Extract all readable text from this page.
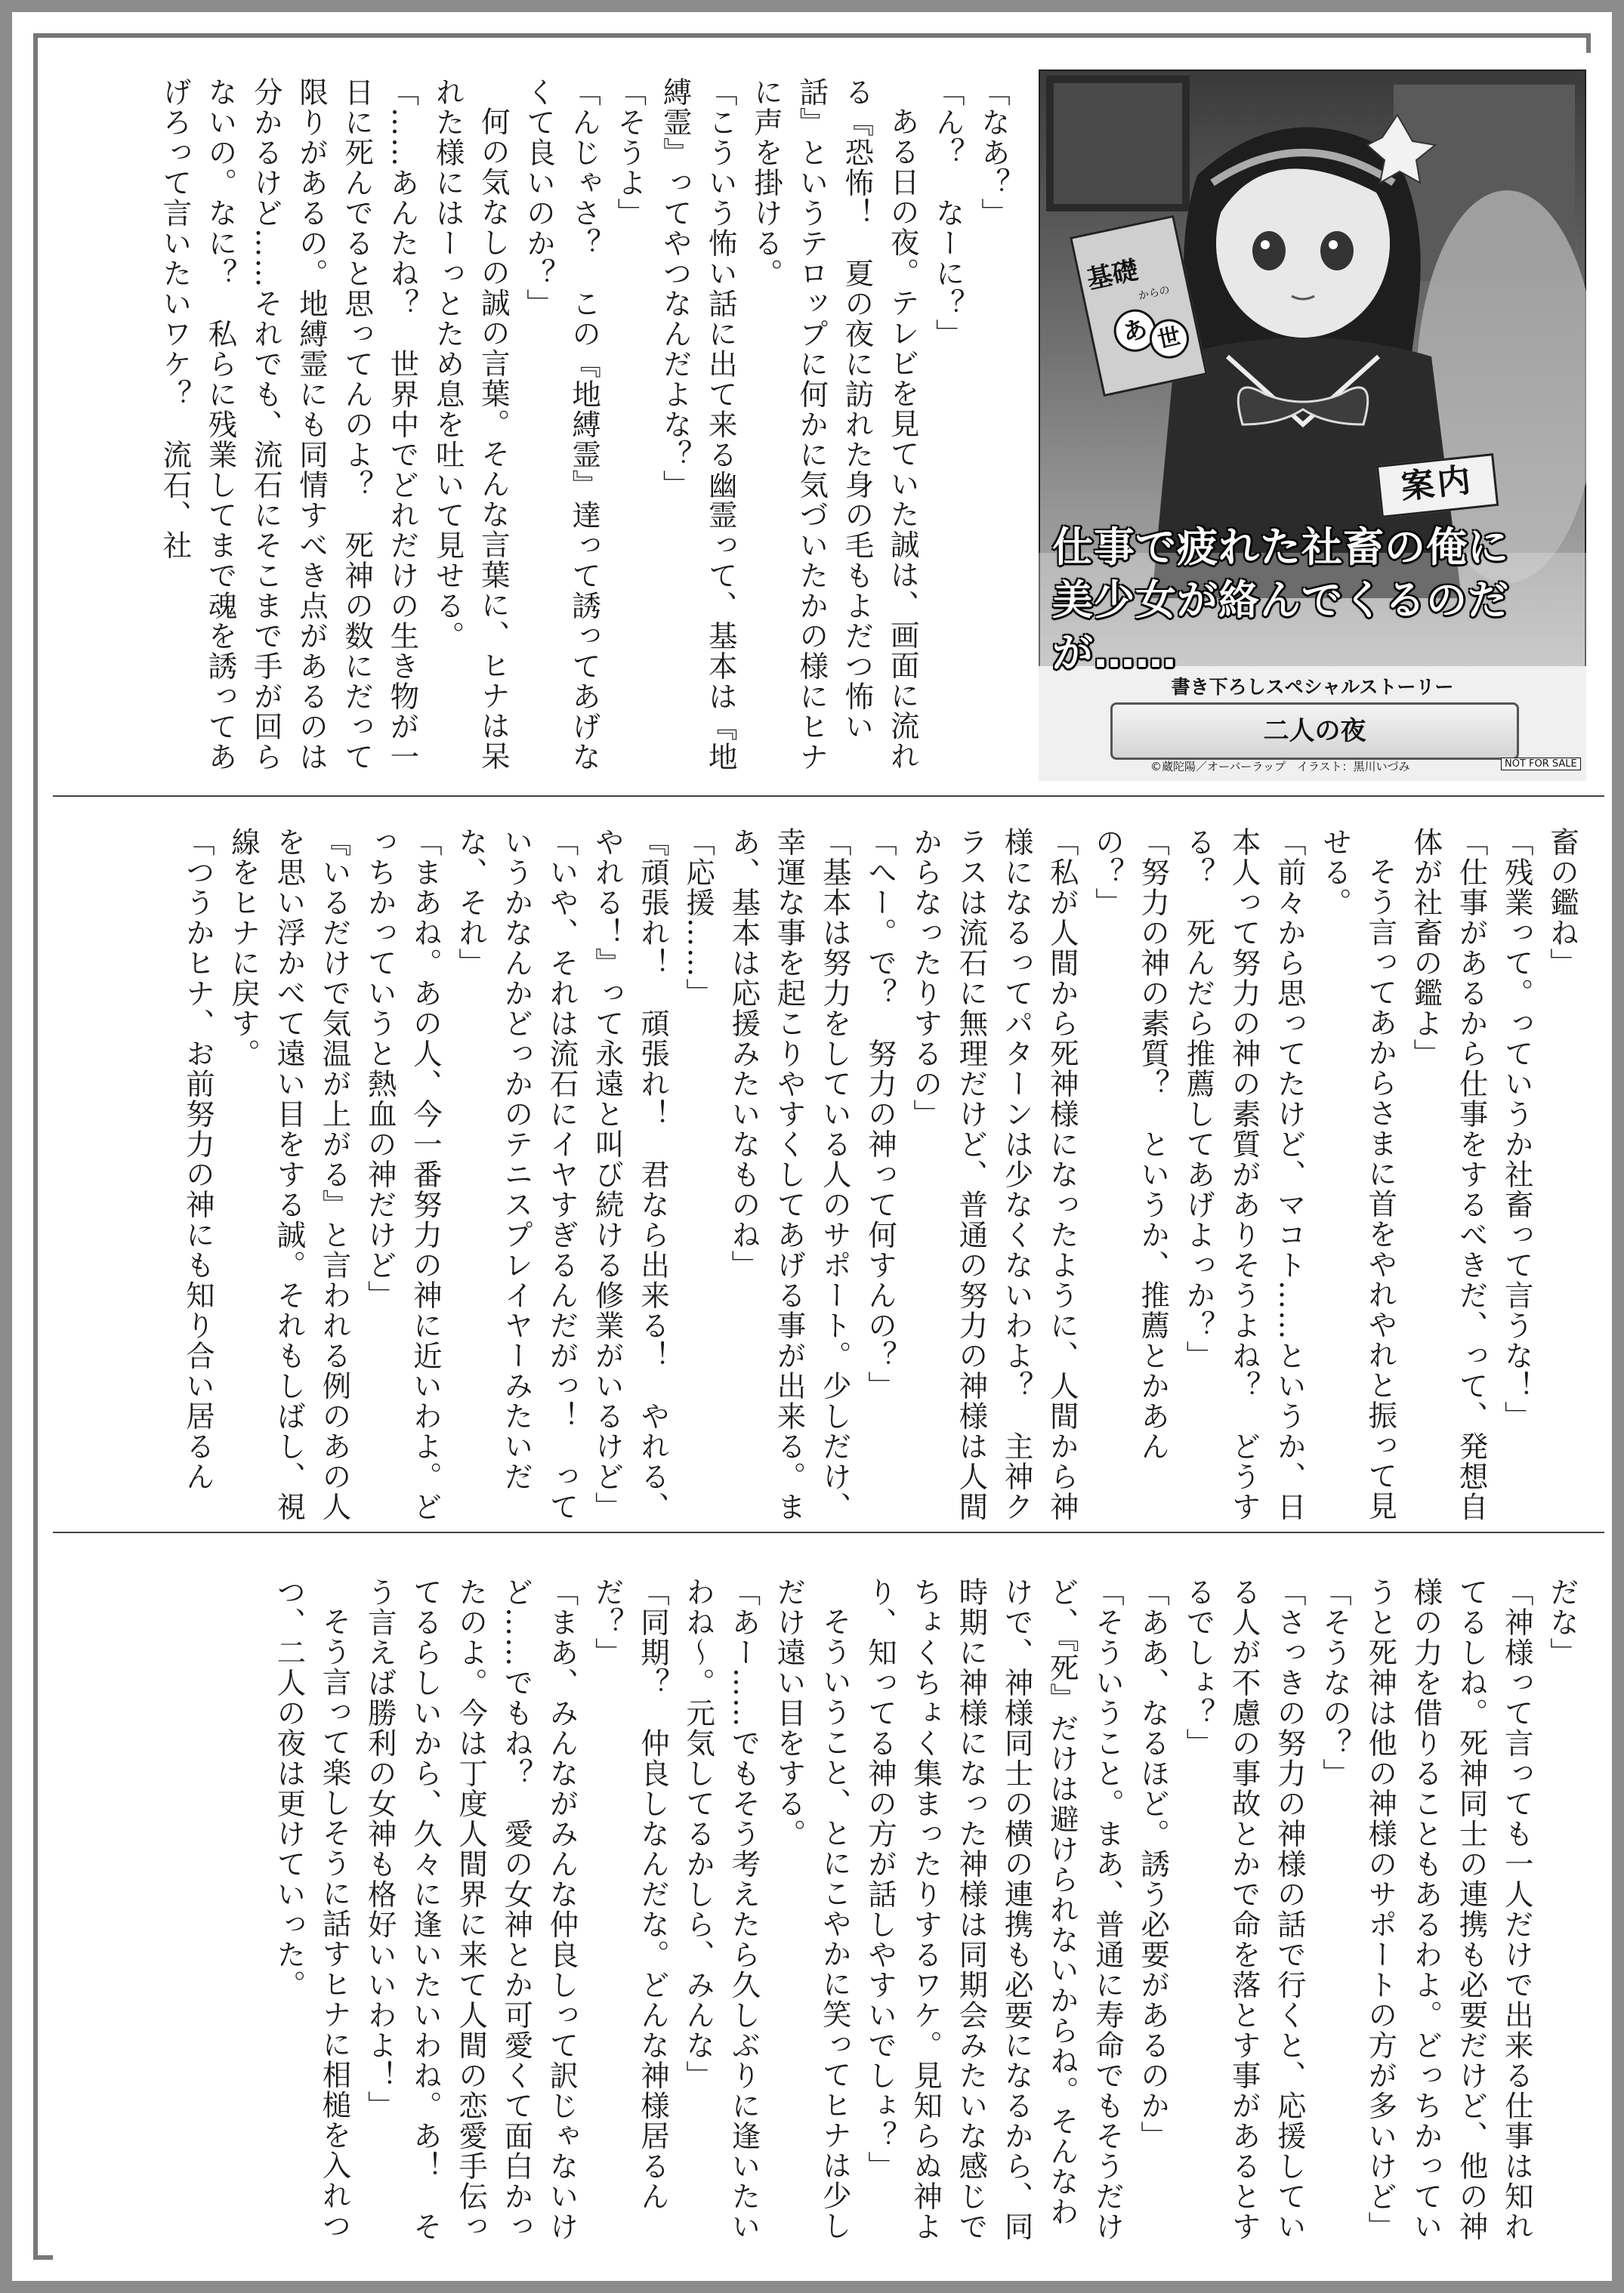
「なあ？」

「ん？　なーに？」

ある日の夜。テレビを見ていた誠は、画面に流れる『恐怖！　夏の夜に訪れた身の毛もよだつ怖い話』というテロップに何かに気づいたかの様にヒナに声を掛ける。

「こういう怖い話に出て来る幽霊って、基本は『地縛霊』ってやつなんだよな？」

「そうよ」

「んじゃさ？　この『地縛霊』達って誘ってあげなくて良いのか？」

何の気なしの誠の言葉。そんな言葉に、ヒナは呆れた様にはーっとため息を吐いて見せる。

「……あんたね？　世界中でどれだけの生き物が一日に死んでると思ってんのよ？　死神の数にだって限りがあるの。地縛霊にも同情すべき点があるのは分かるけど……それでも、流石にそこまで手が回らないの。なに？　私らに残業してまで魂を誘ってあげろって言いたいワケ？　流石、社	基礎
からの
あ 世
案内
仕事で疲れた社畜の俺に
美少女が絡んでくるのだが……
書き下ろしスペシャルストーリー
二人の夜
©蔵陀陽／オーバーラップ　イラスト：黒川いづみ	NOT FOR SALE

畜の鑑ね」

「残業って。っていうか社畜って言うな！」

「仕事があるから仕事をするべきだ、って、発想自体が社畜の鑑よ」

そう言ってあからさまに首をやれやれと振って見せる。

「前々から思ってたけど、マコト……というか、日本人って努力の神の素質がありそうよね？　どうする？　死んだら推薦してあげよっか？」

「努力の神の素質？　というか、推薦とかあんの？」

「私が人間から死神様になったように、人間から神様になるってパターンは少なくないわよ？　主神クラスは流石に無理だけど、普通の努力の神様は人間からなったりするの」

「へー。で？　努力の神って何すんの？」

「基本は努力をしている人のサポート。少しだけ、幸運な事を起こりやすくしてあげる事が出来る。まあ、基本は応援みたいなものね」

「応援……」

『頑張れ！　頑張れ！　君なら出来る！　やれる、やれる！』って永遠と叫び続ける修業がいるけど」

「いや、それは流石にイヤすぎるんだがっ！　っていうかなんかどっかのテニスプレイヤーみたいだな、それ」

「まあね。あの人、今一番努力の神に近いわよ。どっちかっていうと熱血の神だけど」

『いるだけで気温が上がる』と言われる例のあの人を思い浮かべて遠い目をする誠。それもしばし、視線をヒナに戻す。

「つうかヒナ、お前努力の神にも知り合い居るん

だな」

「神様って言っても一人だけで出来る仕事は知れてるしね。死神同士の連携も必要だけど、他の神様の力を借りることもあるわよ。どっちかっていうと死神は他の神様のサポートの方が多いけど」

「そうなの？」

「さっきの努力の神様の話で行くと、応援している人が不慮の事故とかで命を落とす事があるとするでしょ？」

「ああ、なるほど。誘う必要があるのか」

「そういうこと。まあ、普通に寿命でもそうだけど、『死』だけは避けられないからね。そんなわけで、神様同士の横の連携も必要になるから、同時期に神様になった神様は同期会みたいな感じでちょくちょく集まったりするワケ。見知らぬ神より、知ってる神の方が話しやすいでしょ？」

そういうこと、とにこやかに笑ってヒナは少しだけ遠い目をする。

「あー……でもそう考えたら久しぶりに逢いたいわね～。元気してるかしら、みんな」

「同期？　仲良しなんだな。どんな神様居るんだ？」

「まあ、みんながみんな仲良しって訳じゃないけど……でもね？　愛の女神とか可愛くて面白かったのよ。今は丁度人間界に来て人間の恋愛手伝ってるらしいから、久々に逢いたいわね。あ！　そう言えば勝利の女神も格好いいわよ！」

そう言って楽しそうに話すヒナに相槌を入れつつ、二人の夜は更けていった。
